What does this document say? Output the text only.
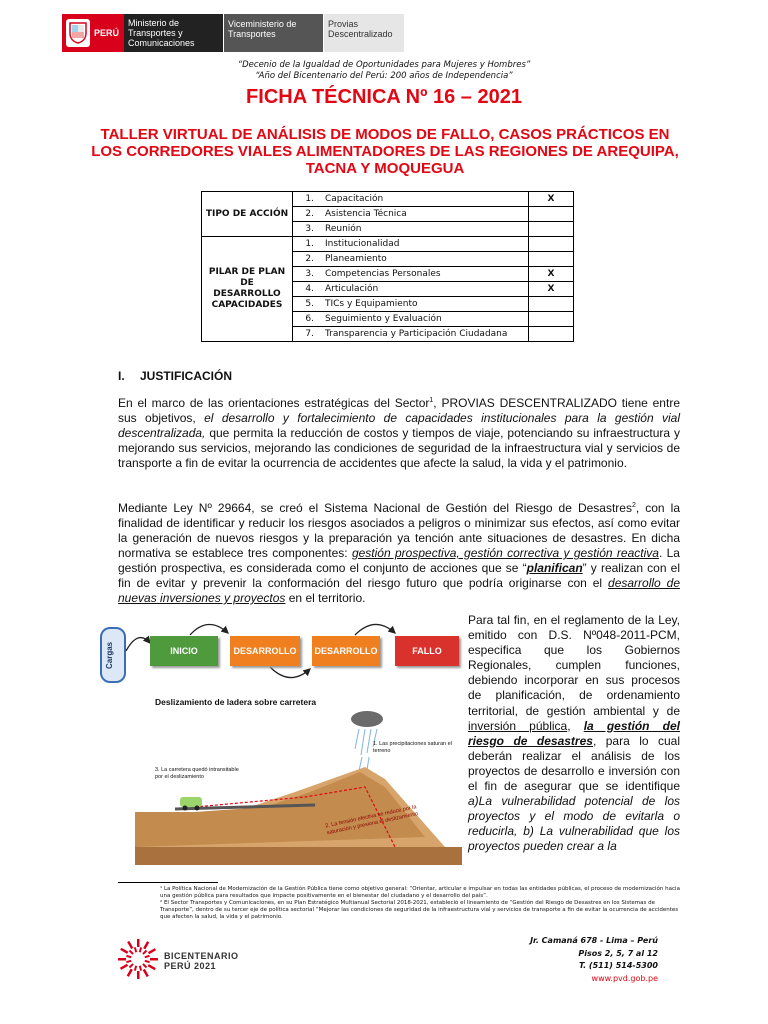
PERÚ
Ministerio de Transportes y Comunicaciones
Viceministerio de Transportes
Provias Descentralizado
“Decenio de la Igualdad de Oportunidades para Mujeres y Hombres”
“Año del Bicentenario del Perú: 200 años de Independencia”
FICHA TÉCNICA Nº 16 – 2021
TALLER VIRTUAL DE ANÁLISIS DE MODOS DE FALLO, CASOS PRÁCTICOS EN LOS CORREDORES VIALES ALIMENTADORES DE LAS REGIONES DE AREQUIPA, TACNA Y MOQUEGUA
TIPO DE ACCIÓN	1.	Capacitación	X
	2.	Asistencia Técnica	
	3.	Reunión	
PILAR DE PLAN DE DESARROLLO CAPACIDADES	1.	Institucionalidad	
	2.	Planeamiento	
	3.	Competencias Personales	X
	4.	Articulación	X
	5.	TICs y Equipamiento	
	6.	Seguimiento y Evaluación	
	7.	Transparencia y Participación Ciudadana	
I. JUSTIFICACIÓN
En el marco de las orientaciones estratégicas del Sector$^1$, PROVIAS DESCENTRALIZADO tiene entre sus objetivos, el desarrollo y fortalecimiento de capacidades institucionales para la gestión vial descentralizada, que permita la reducción de costos y tiempos de viaje, potenciando su infraestructura y mejorando sus servicios, mejorando las condiciones de seguridad de la infraestructura vial y servicios de transporte a fin de evitar la ocurrencia de accidentes que afecte la salud, la vida y el patrimonio.
Mediante Ley Nº 29664, se creó el Sistema Nacional de Gestión del Riesgo de Desastres$^2$, con la finalidad de identificar y reducir los riesgos asociados a peligros o minimizar sus efectos, así como evitar la generación de nuevos riesgos y la preparación ya tención ante situaciones de desastres. En dicha normativa se establece tres componentes: gestión prospectiva, gestión correctiva y gestión reactiva. La gestión prospectiva, es considerada como el conjunto de acciones que se “planifican” y realizan con el fin de evitar y prevenir la conformación del riesgo futuro que podría originarse con el desarrollo de nuevas inversiones y proyectos en el territorio.
Cargas	INICIO	DESARROLLO	DESARROLLO	FALLO
Deslizamiento de ladera sobre carretera
1. Las precipitaciones saturan el terreno
3. La carretera quedó intransitable por el deslizamiento
2. La tensión efectiva se reduce por la saturación y presiona el deslizamiento
Para tal fin, en el reglamento de la Ley, emitido con D.S. Nº048-2011-PCM, especifica que los Gobiernos Regionales, cumplen funciones, debiendo incorporar en sus procesos de planificación, de ordenamiento territorial, de gestión ambiental y de inversión pública, la gestión del riesgo de desastres, para lo cual deberán realizar el análisis de los proyectos de desarrollo e inversión con el fin de asegurar que se identifique a)La vulnerabilidad potencial de los proyectos y el modo de evitarla o reducirla, b) La vulnerabilidad que los proyectos pueden crear a la
¹ La Política Nacional de Modernización de la Gestión Pública tiene como objetivo general: “Orientar, articular e impulsar en todas las entidades públicas, el proceso de modernización hacia una gestión pública para resultados que impacte positivamente en el bienestar del ciudadano y el desarrollo del país”.
² El Sector Transportes y Comunicaciones, en su Plan Estratégico Multianual Sectorial 2018-2021, estableció el lineamiento de “Gestión del Riesgo de Desastres en los Sistemas de Transporte”, dentro de su tercer eje de política sectorial “Mejorar las condiciones de seguridad de la infraestructura vial y servicios de transporte a fin de evitar la ocurrencia de accidentes que afecten la salud, la vida y el patrimonio.
BICENTENARIO
PERÚ 2021
Jr. Camaná 678 - Lima – Perú
Pisos 2, 5, 7 al 12
T. (511) 514-5300
www.pvd.gob.pe
